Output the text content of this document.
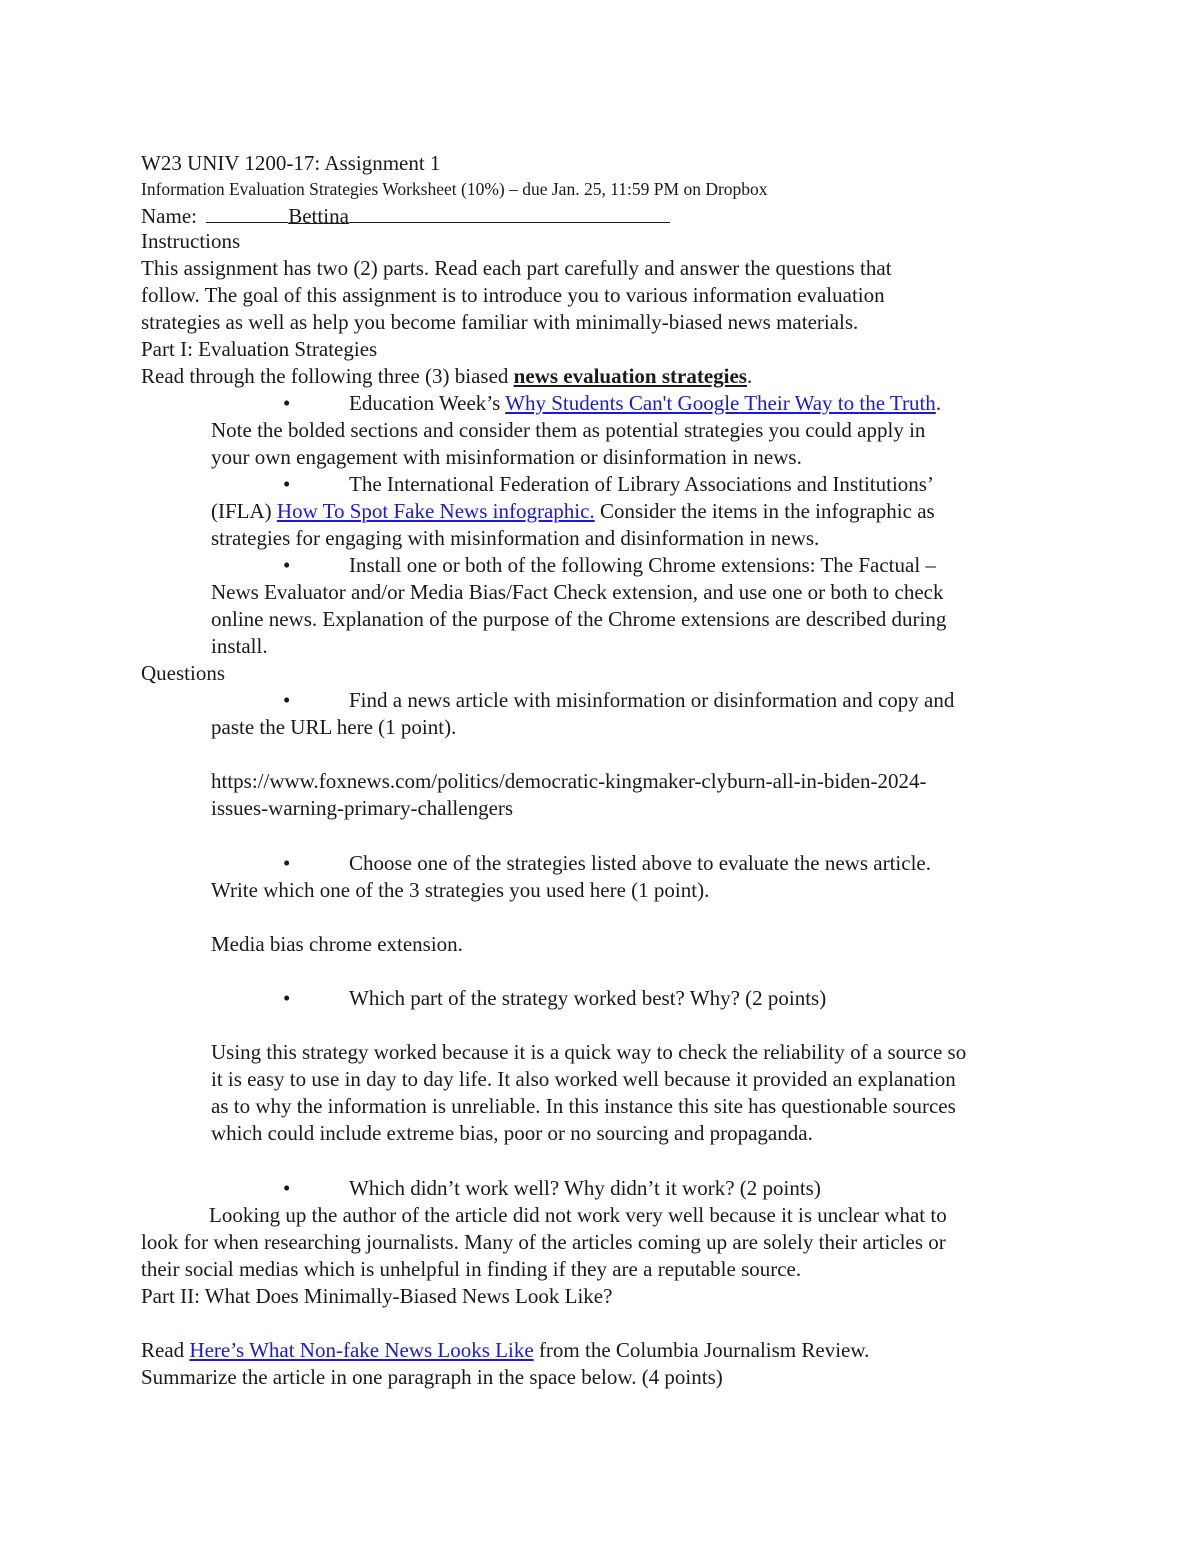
W23 UNIV 1200-17: Assignment 1
Information Evaluation Strategies Worksheet (10%) – due Jan. 25, 11:59 PM on Dropbox
Name:	Bettina
Instructions
This assignment has two (2) parts. Read each part carefully and answer the questions that
follow. The goal of this assignment is to introduce you to various information evaluation
strategies as well as help you become familiar with minimally-biased news materials.
Part I: Evaluation Strategies
Read through the following three (3) biased news evaluation strategies.
•	Education Week’s Why Students Can't Google Their Way to the Truth.
Note the bolded sections and consider them as potential strategies you could apply in
your own engagement with misinformation or disinformation in news.
•	The International Federation of Library Associations and Institutions’
(IFLA) How To Spot Fake News infographic. Consider the items in the infographic as
strategies for engaging with misinformation and disinformation in news.
•	Install one or both of the following Chrome extensions: The Factual –
News Evaluator and/or Media Bias/Fact Check extension, and use one or both to check
online news. Explanation of the purpose of the Chrome extensions are described during
install.
Questions
•	Find a news article with misinformation or disinformation and copy and
paste the URL here (1 point).
https://www.foxnews.com/politics/democratic-kingmaker-clyburn-all-in-biden-2024-
issues-warning-primary-challengers
•	Choose one of the strategies listed above to evaluate the news article.
Write which one of the 3 strategies you used here (1 point).
Media bias chrome extension.
•	Which part of the strategy worked best? Why? (2 points)
Using this strategy worked because it is a quick way to check the reliability of a source so
it is easy to use in day to day life. It also worked well because it provided an explanation
as to why the information is unreliable. In this instance this site has questionable sources
which could include extreme bias, poor or no sourcing and propaganda.
•	Which didn’t work well? Why didn’t it work? (2 points)
Looking up the author of the article did not work very well because it is unclear what to
look for when researching journalists. Many of the articles coming up are solely their articles or
their social medias which is unhelpful in finding if they are a reputable source.
Part II: What Does Minimally-Biased News Look Like?
Read Here’s What Non-fake News Looks Like from the Columbia Journalism Review.
Summarize the article in one paragraph in the space below. (4 points)
